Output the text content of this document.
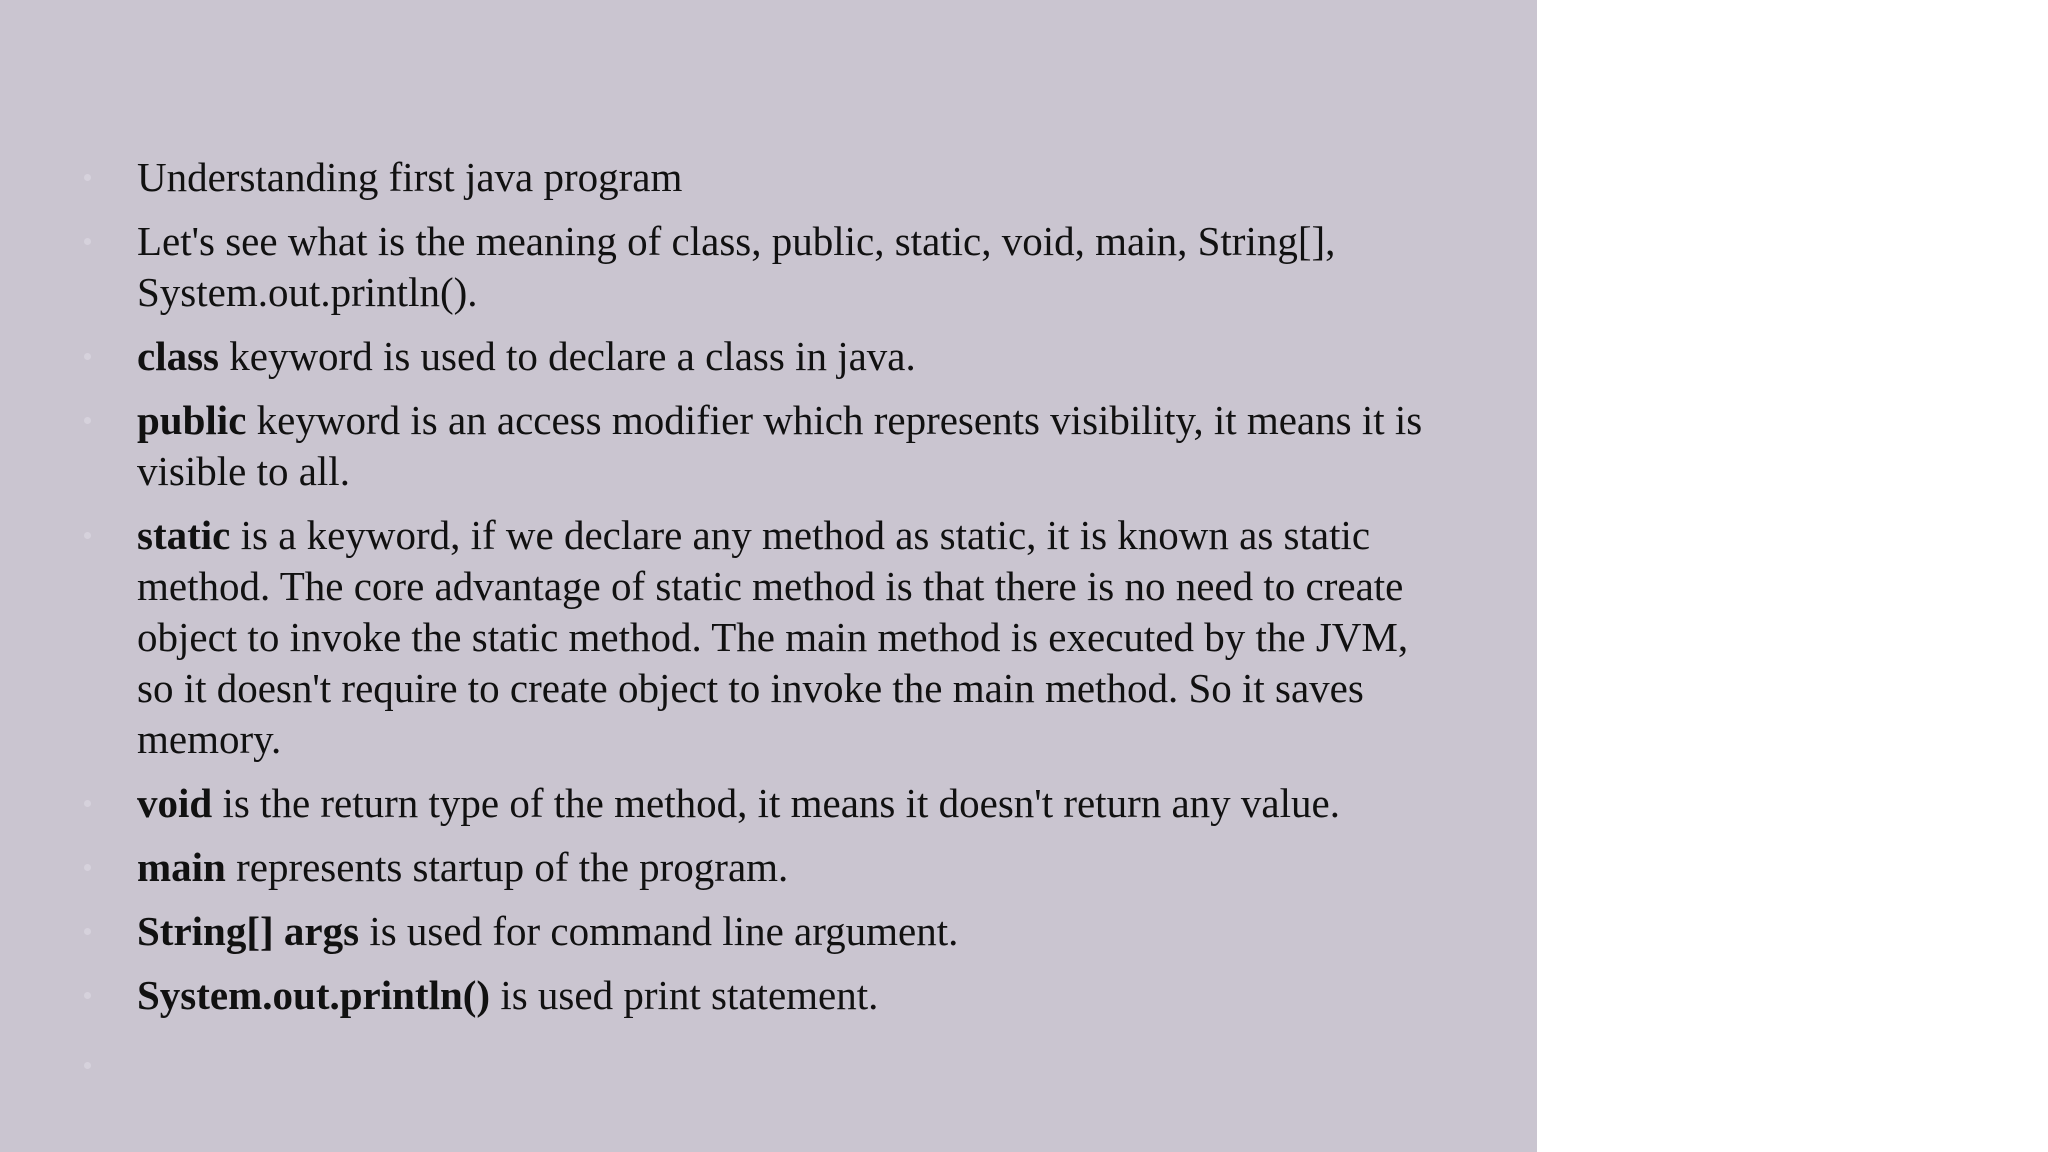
Understanding first java program
Let's see what is the meaning of class, public, static, void, main, String[], System.out.println().
class keyword is used to declare a class in java.
public keyword is an access modifier which represents visibility, it means it is visible to all.
static is a keyword, if we declare any method as static, it is known as static method. The core advantage of static method is that there is no need to create object to invoke the static method. The main method is executed by the JVM, so it doesn't require to create object to invoke the main method. So it saves memory.
void is the return type of the method, it means it doesn't return any value.
main represents startup of the program.
String[] args is used for command line argument.
System.out.println() is used print statement.
